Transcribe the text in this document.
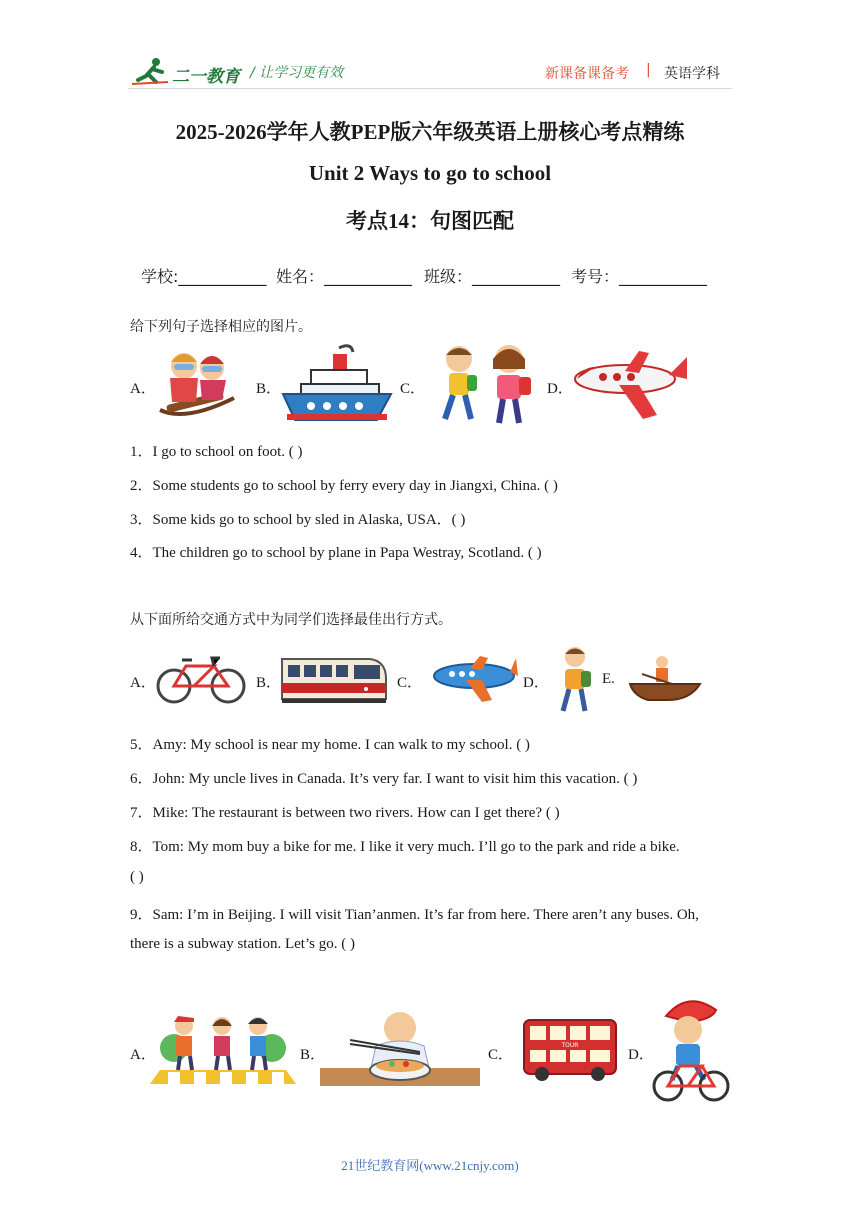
二一教育 / 让学习更有效	新课备课备考 | 英语学科
2025-2026学年人教PEP版六年级英语上册核心考点精练
Unit 2 Ways to go to school
考点14：句图匹配
学校:___________ 姓名：___________ 班级：___________ 考号：___________
给下列句子选择相应的图片。
A．	B．	C．	D．
1．I go to school on foot. ( )
2．Some students go to school by ferry every day in Jiangxi, China. ( )
3．Some kids go to school by sled in Alaska, USA．( )
4．The children go to school by plane in Papa Westray, Scotland. ( )
从下面所给交通方式中为同学们选择最佳出行方式。
A．	B．	C．	D．	E.
5．Amy: My school is near my home. I can walk to my school. ( )
6．John: My uncle lives in Canada. It’s very far. I want to visit him this vacation. ( )
7．Mike: The restaurant is between two rivers. How can I get there? ( )
8．Tom: My mom buy a bike for me. I like it very much. I’ll go to the park and ride a bike.
( )
9．Sam: I’m in Beijing. I will visit Tian’anmen. It’s far from here. There aren’t any buses. Oh,
there is a subway station. Let’s go. ( )
A．	B．	C．
TOUR
D．
21世纪教育网(www.21cnjy.com)
